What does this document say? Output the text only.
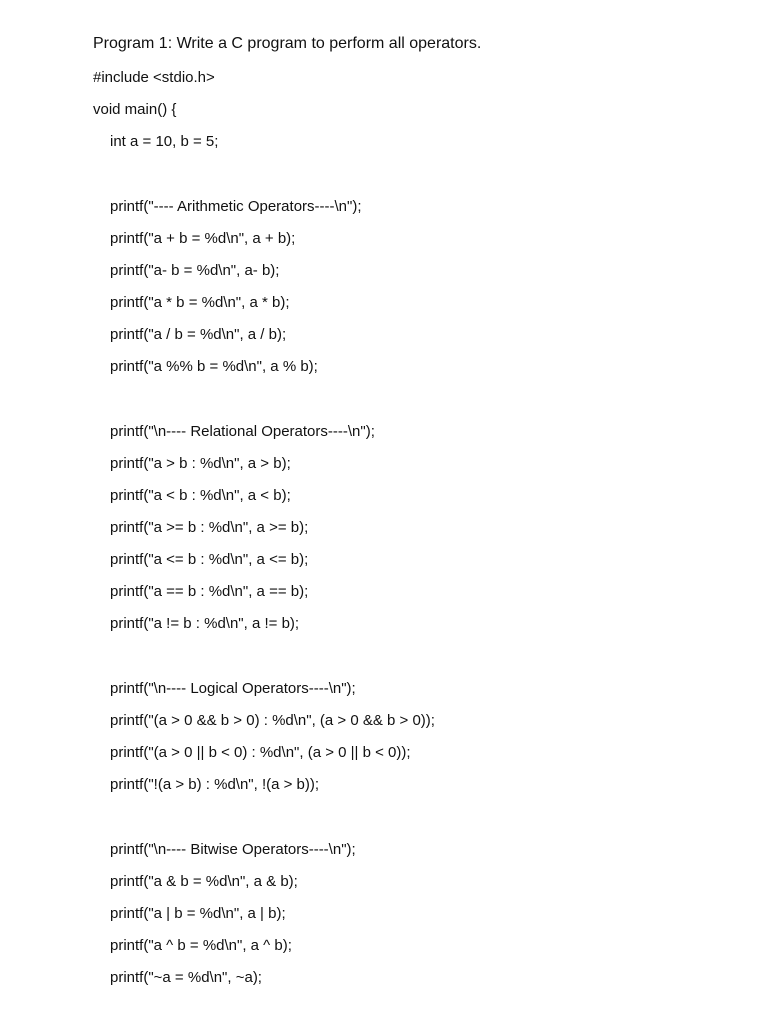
Program 1: Write a C program to perform all operators.
#include <stdio.h>
void main() {
int a = 10, b = 5;
printf("---- Arithmetic Operators----\n");
printf("a + b = %d\n", a + b);
printf("a- b = %d\n", a- b);
printf("a * b = %d\n", a * b);
printf("a / b = %d\n", a / b);
printf("a %% b = %d\n", a % b);
printf("\n---- Relational Operators----\n");
printf("a > b : %d\n", a > b);
printf("a < b : %d\n", a < b);
printf("a >= b : %d\n", a >= b);
printf("a <= b : %d\n", a <= b);
printf("a == b : %d\n", a == b);
printf("a != b : %d\n", a != b);
printf("\n---- Logical Operators----\n");
printf("(a > 0 && b > 0) : %d\n", (a > 0 && b > 0));
printf("(a > 0 || b < 0) : %d\n", (a > 0 || b < 0));
printf("!(a > b) : %d\n", !(a > b));
printf("\n---- Bitwise Operators----\n");
printf("a & b = %d\n", a & b);
printf("a | b = %d\n", a | b);
printf("a ^ b = %d\n", a ^ b);
printf("~a = %d\n", ~a);
